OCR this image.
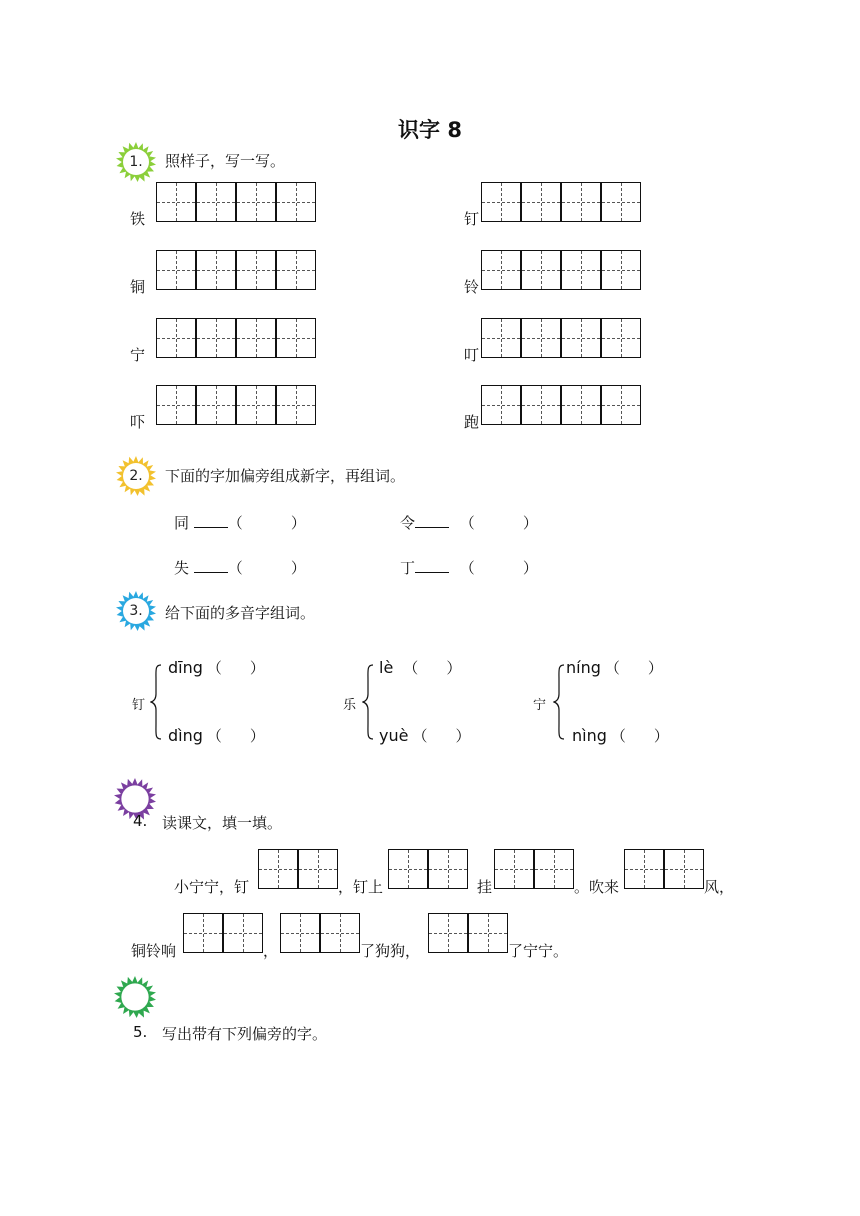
识字 8
1.	照样子，写一写。
铁
铜
宁
吓
钉
铃
叮
跑
2.	下面的字加偏旁组成新字，再组词。
同	（	）	令	（	）
失	（	）	丁	（	）
3.	给下面的多音字组词。
钉
dīng （ ）
dìng （ ）
乐
lè （ ）
yuè （ ）
宁
níng （ ）
nìng （ ）
4. 读课文，填一填。
小宁宁，钉	，钉上	挂	。吹来	风，
铜铃响	，	了狗狗，	了宁宁。
5. 写出带有下列偏旁的字。
